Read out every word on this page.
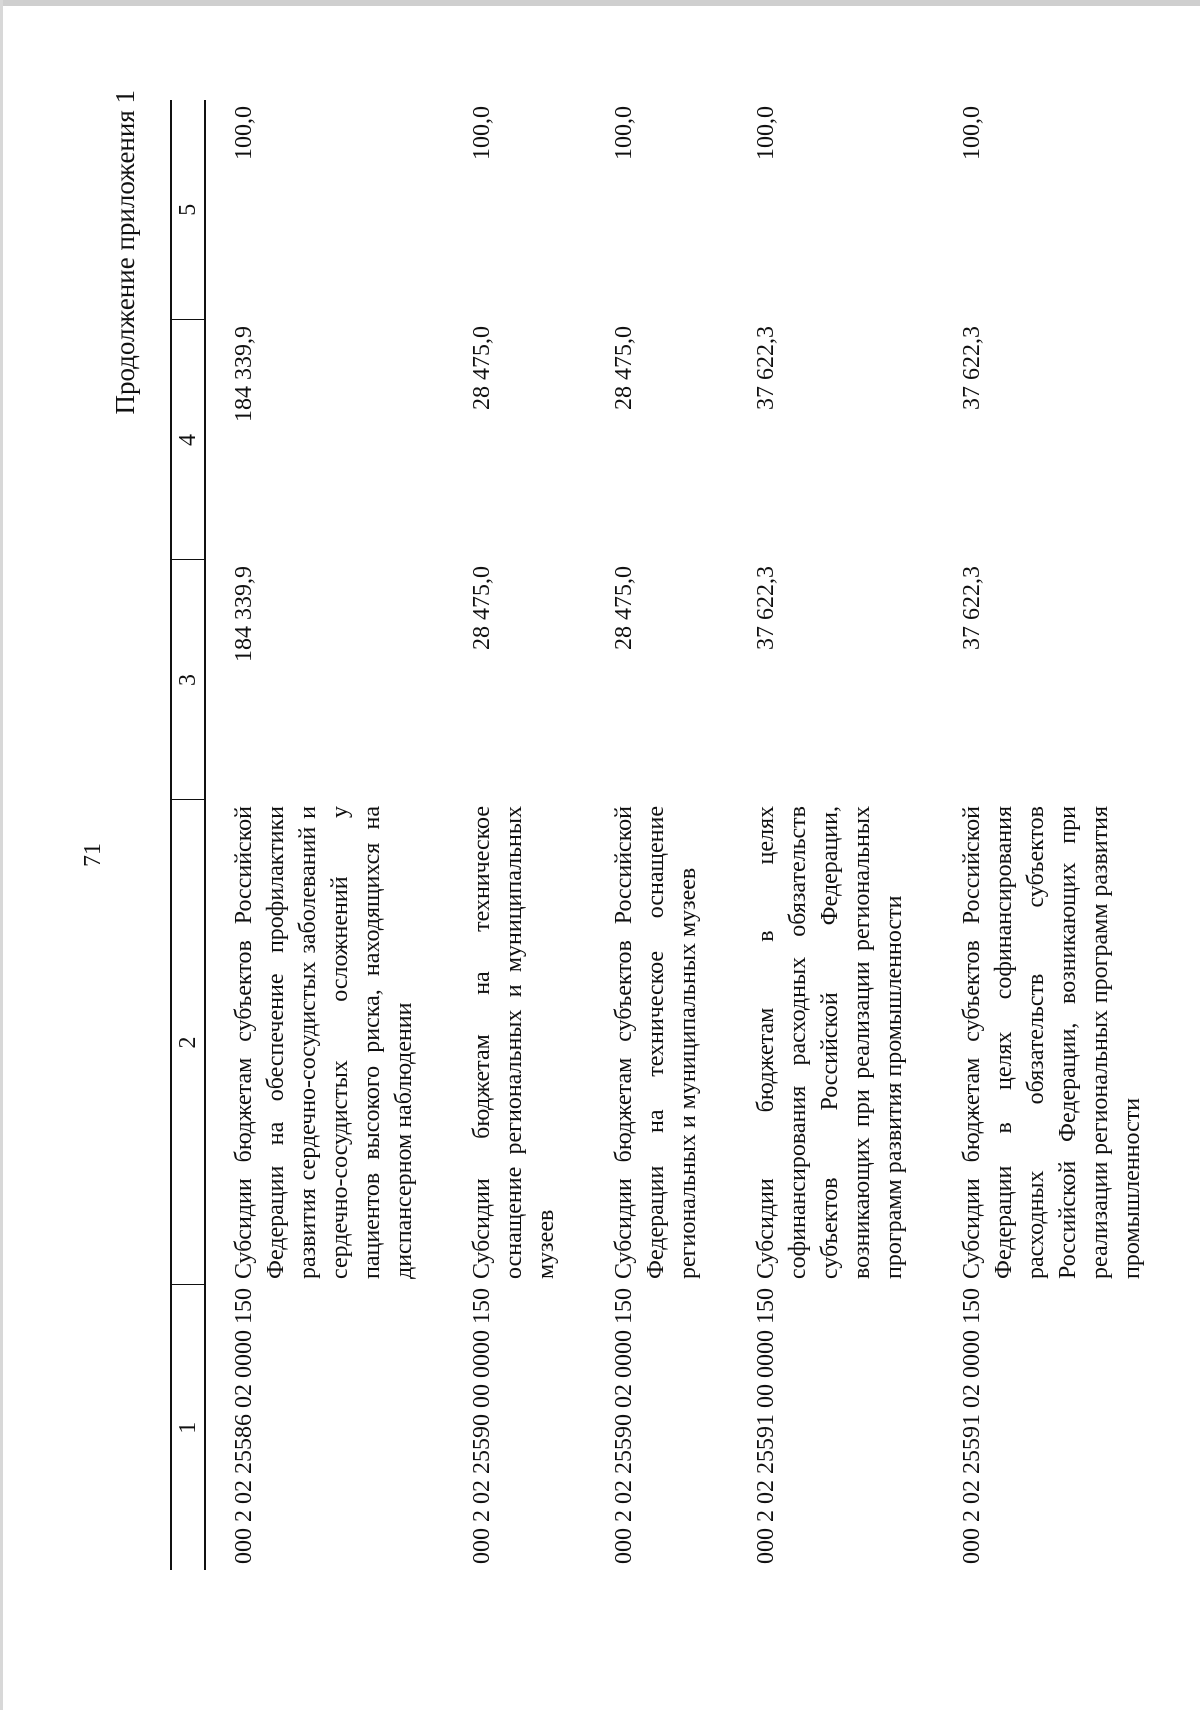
71
Продолжение приложения 1
1	2	3	4	5
000 2 02 25586 02 0000 150	Субсидии бюджетам субъектов Российской Федерации на обеспечение профилактики развития сердечно-сосудистых заболеваний и сердечно-сосудистых осложнений у пациентов высокого риска, находящихся на диспансерном наблюдении	184 339,9	184 339,9	100,0
000 2 02 25590 00 0000 150	Субсидии бюджетам на техническое оснащение региональных и муниципальных музеев	28 475,0	28 475,0	100,0
000 2 02 25590 02 0000 150	Субсидии бюджетам субъектов Российской Федерации на техническое оснащение региональных и муниципальных музеев	28 475,0	28 475,0	100,0
000 2 02 25591 00 0000 150	Субсидии бюджетам в целях софинансирования расходных обязательств субъектов Российской Федерации, возникающих при реализации региональных программ развития промышленности	37 622,3	37 622,3	100,0
000 2 02 25591 02 0000 150	Субсидии бюджетам субъектов Российской Федерации в целях софинансирования расходных обязательств субъектов Российской Федерации, возникающих при реализации региональных программ развития промышленности	37 622,3	37 622,3	100,0
